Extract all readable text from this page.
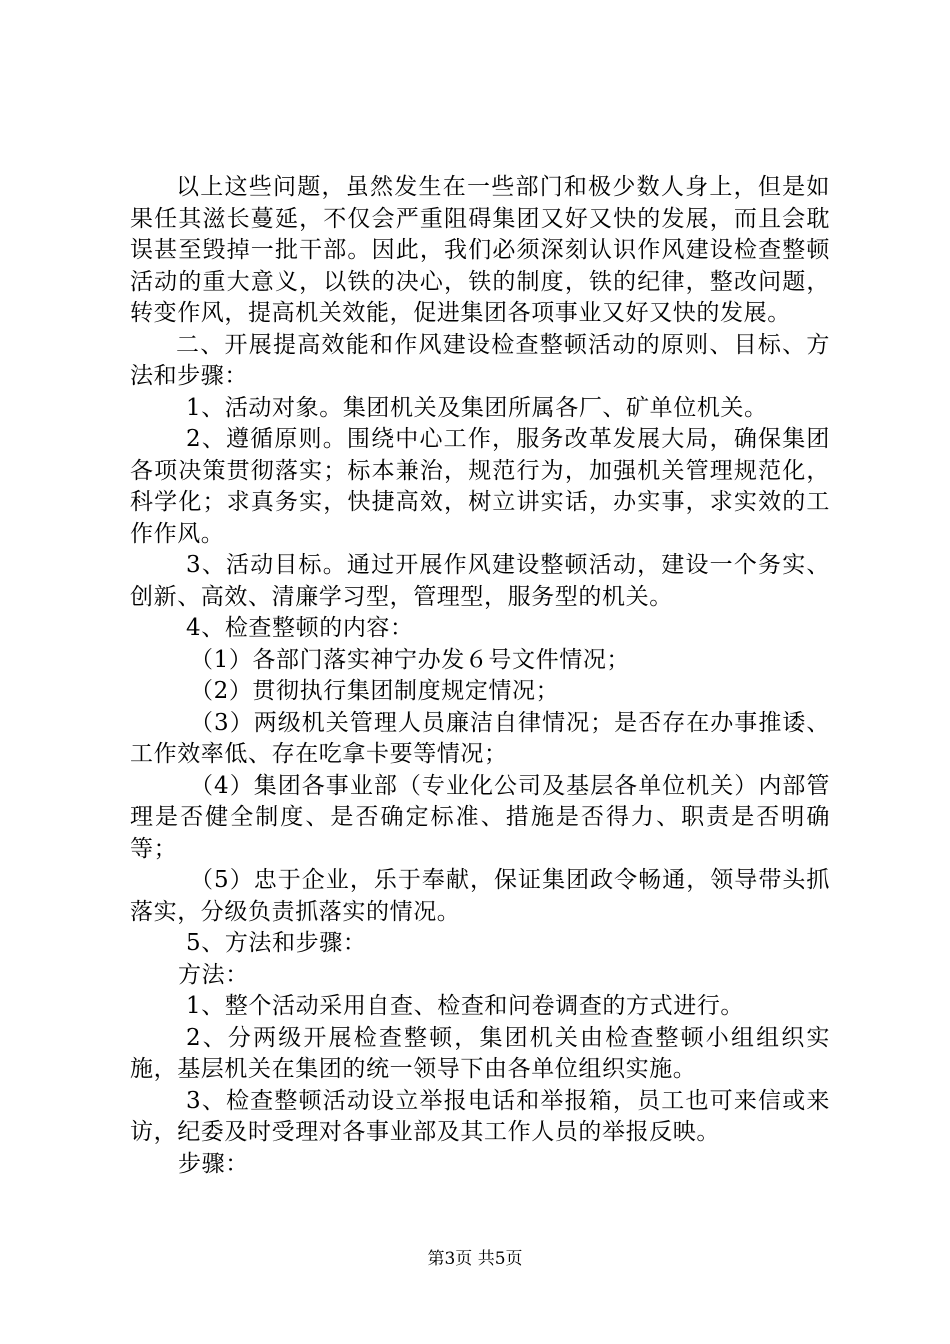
以上这些问题，虽然发生在一些部门和极少数人身上，但是如果任其滋长蔓延，不仅会严重阻碍集团又好又快的发展，而且会耽误甚至毁掉一批干部。因此，我们必须深刻认识作风建设检查整顿活动的重大意义，以铁的决心，铁的制度，铁的纪律，整改问题，转变作风，提高机关效能，促进集团各项事业又好又快的发展。

二、开展提高效能和作风建设检查整顿活动的原则、目标、方法和步骤：

1、活动对象。集团机关及集团所属各厂、矿单位机关。

2、遵循原则。围绕中心工作，服务改革发展大局，确保集团各项决策贯彻落实；标本兼治，规范行为，加强机关管理规范化，科学化；求真务实，快捷高效，树立讲实话，办实事，求实效的工作作风。

3、活动目标。通过开展作风建设整顿活动，建设一个务实、创新、高效、清廉学习型，管理型，服务型的机关。

4、检查整顿的内容：

（1）各部门落实神宁办发６号文件情况；

（2）贯彻执行集团制度规定情况；

（3）两级机关管理人员廉洁自律情况；是否存在办事推诿、工作效率低、存在吃拿卡要等情况；

（4）集团各事业部（专业化公司及基层各单位机关）内部管理是否健全制度、是否确定标准、措施是否得力、职责是否明确等；

（5）忠于企业，乐于奉献，保证集团政令畅通，领导带头抓落实，分级负责抓落实的情况。

5、方法和步骤：

方法：

1、整个活动采用自查、检查和问卷调查的方式进行。

2、分两级开展检查整顿，集团机关由检查整顿小组组织实施，基层机关在集团的统一领导下由各单位组织实施。

3、检查整顿活动设立举报电话和举报箱，员工也可来信或来访，纪委及时受理对各事业部及其工作人员的举报反映。

步骤：

第3页 共5页
